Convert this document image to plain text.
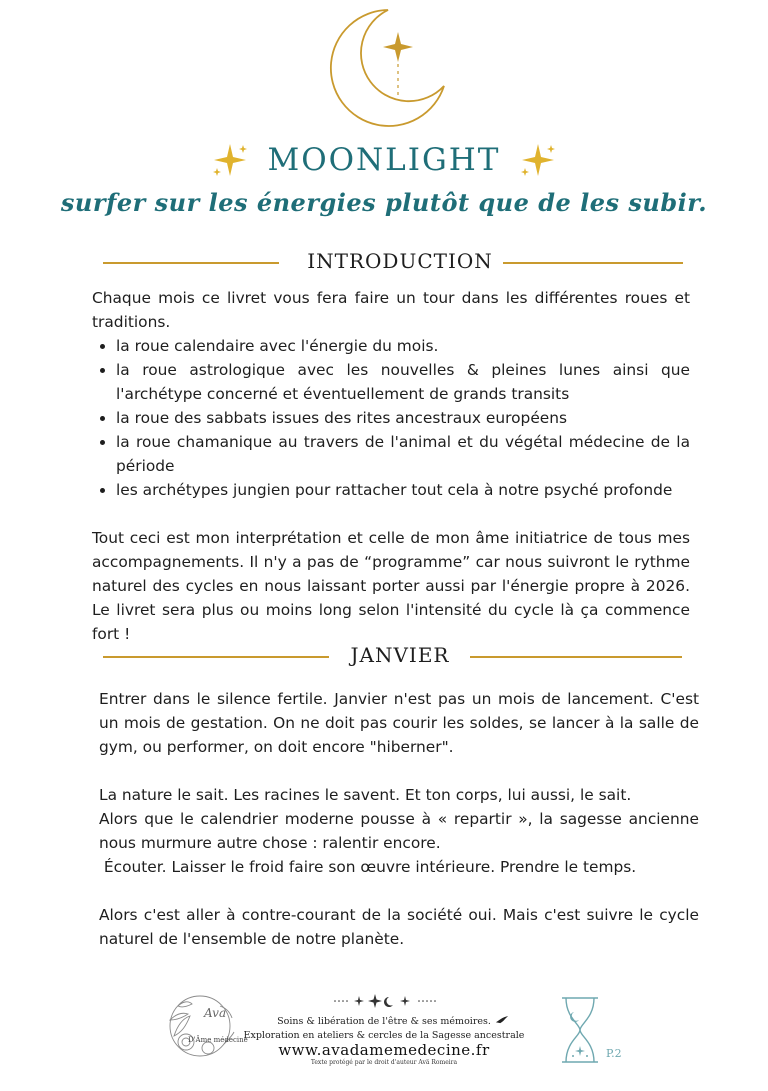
MOONLIGHT
surfer sur les énergies plutôt que de les subir.
INTRODUCTION

Chaque mois ce livret vous fera faire un tour dans les différentes roues et traditions.

• la roue calendaire avec l'énergie du mois.
• la roue astrologique avec les nouvelles & pleines lunes ainsi que l'archétype concerné et éventuellement de grands transits
• la roue des sabbats issues des rites ancestraux européens
• la roue chamanique au travers de l'animal et du végétal médecine de la période
• les archétypes jungien pour rattacher tout cela à notre psyché profonde

Tout ceci est mon interprétation et celle de mon âme initiatrice de tous mes accompagnements. Il n'y a pas de “programme” car nous suivront le rythme naturel des cycles en nous laissant porter aussi par l'énergie propre à 2026. Le livret sera plus ou moins long selon l'intensité du cycle là ça commence fort !

JANVIER

Entrer dans le silence fertile. Janvier n'est pas un mois de lancement. C'est un mois de gestation. On ne doit pas courir les soldes, se lancer à la salle de gym, ou performer, on doit encore "hiberner".

La nature le sait. Les racines le savent. Et ton corps, lui aussi, le sait.

Alors que le calendrier moderne pousse à « repartir », la sagesse ancienne nous murmure autre chose : ralentir encore.

Écouter. Laisser le froid faire son œuvre intérieure. Prendre le temps.

Alors c'est aller à contre-courant de la société oui. Mais c'est suivre le cycle naturel de l'ensemble de notre planète.

Ava
D'Âme médecine
Soins & libération de l'être & ses mémoires.
Exploration en ateliers & cercles de la Sagesse ancestrale
www.avadamemedecine.fr
Texte protégé par le droit d'auteur Avä Romeira
P.2
